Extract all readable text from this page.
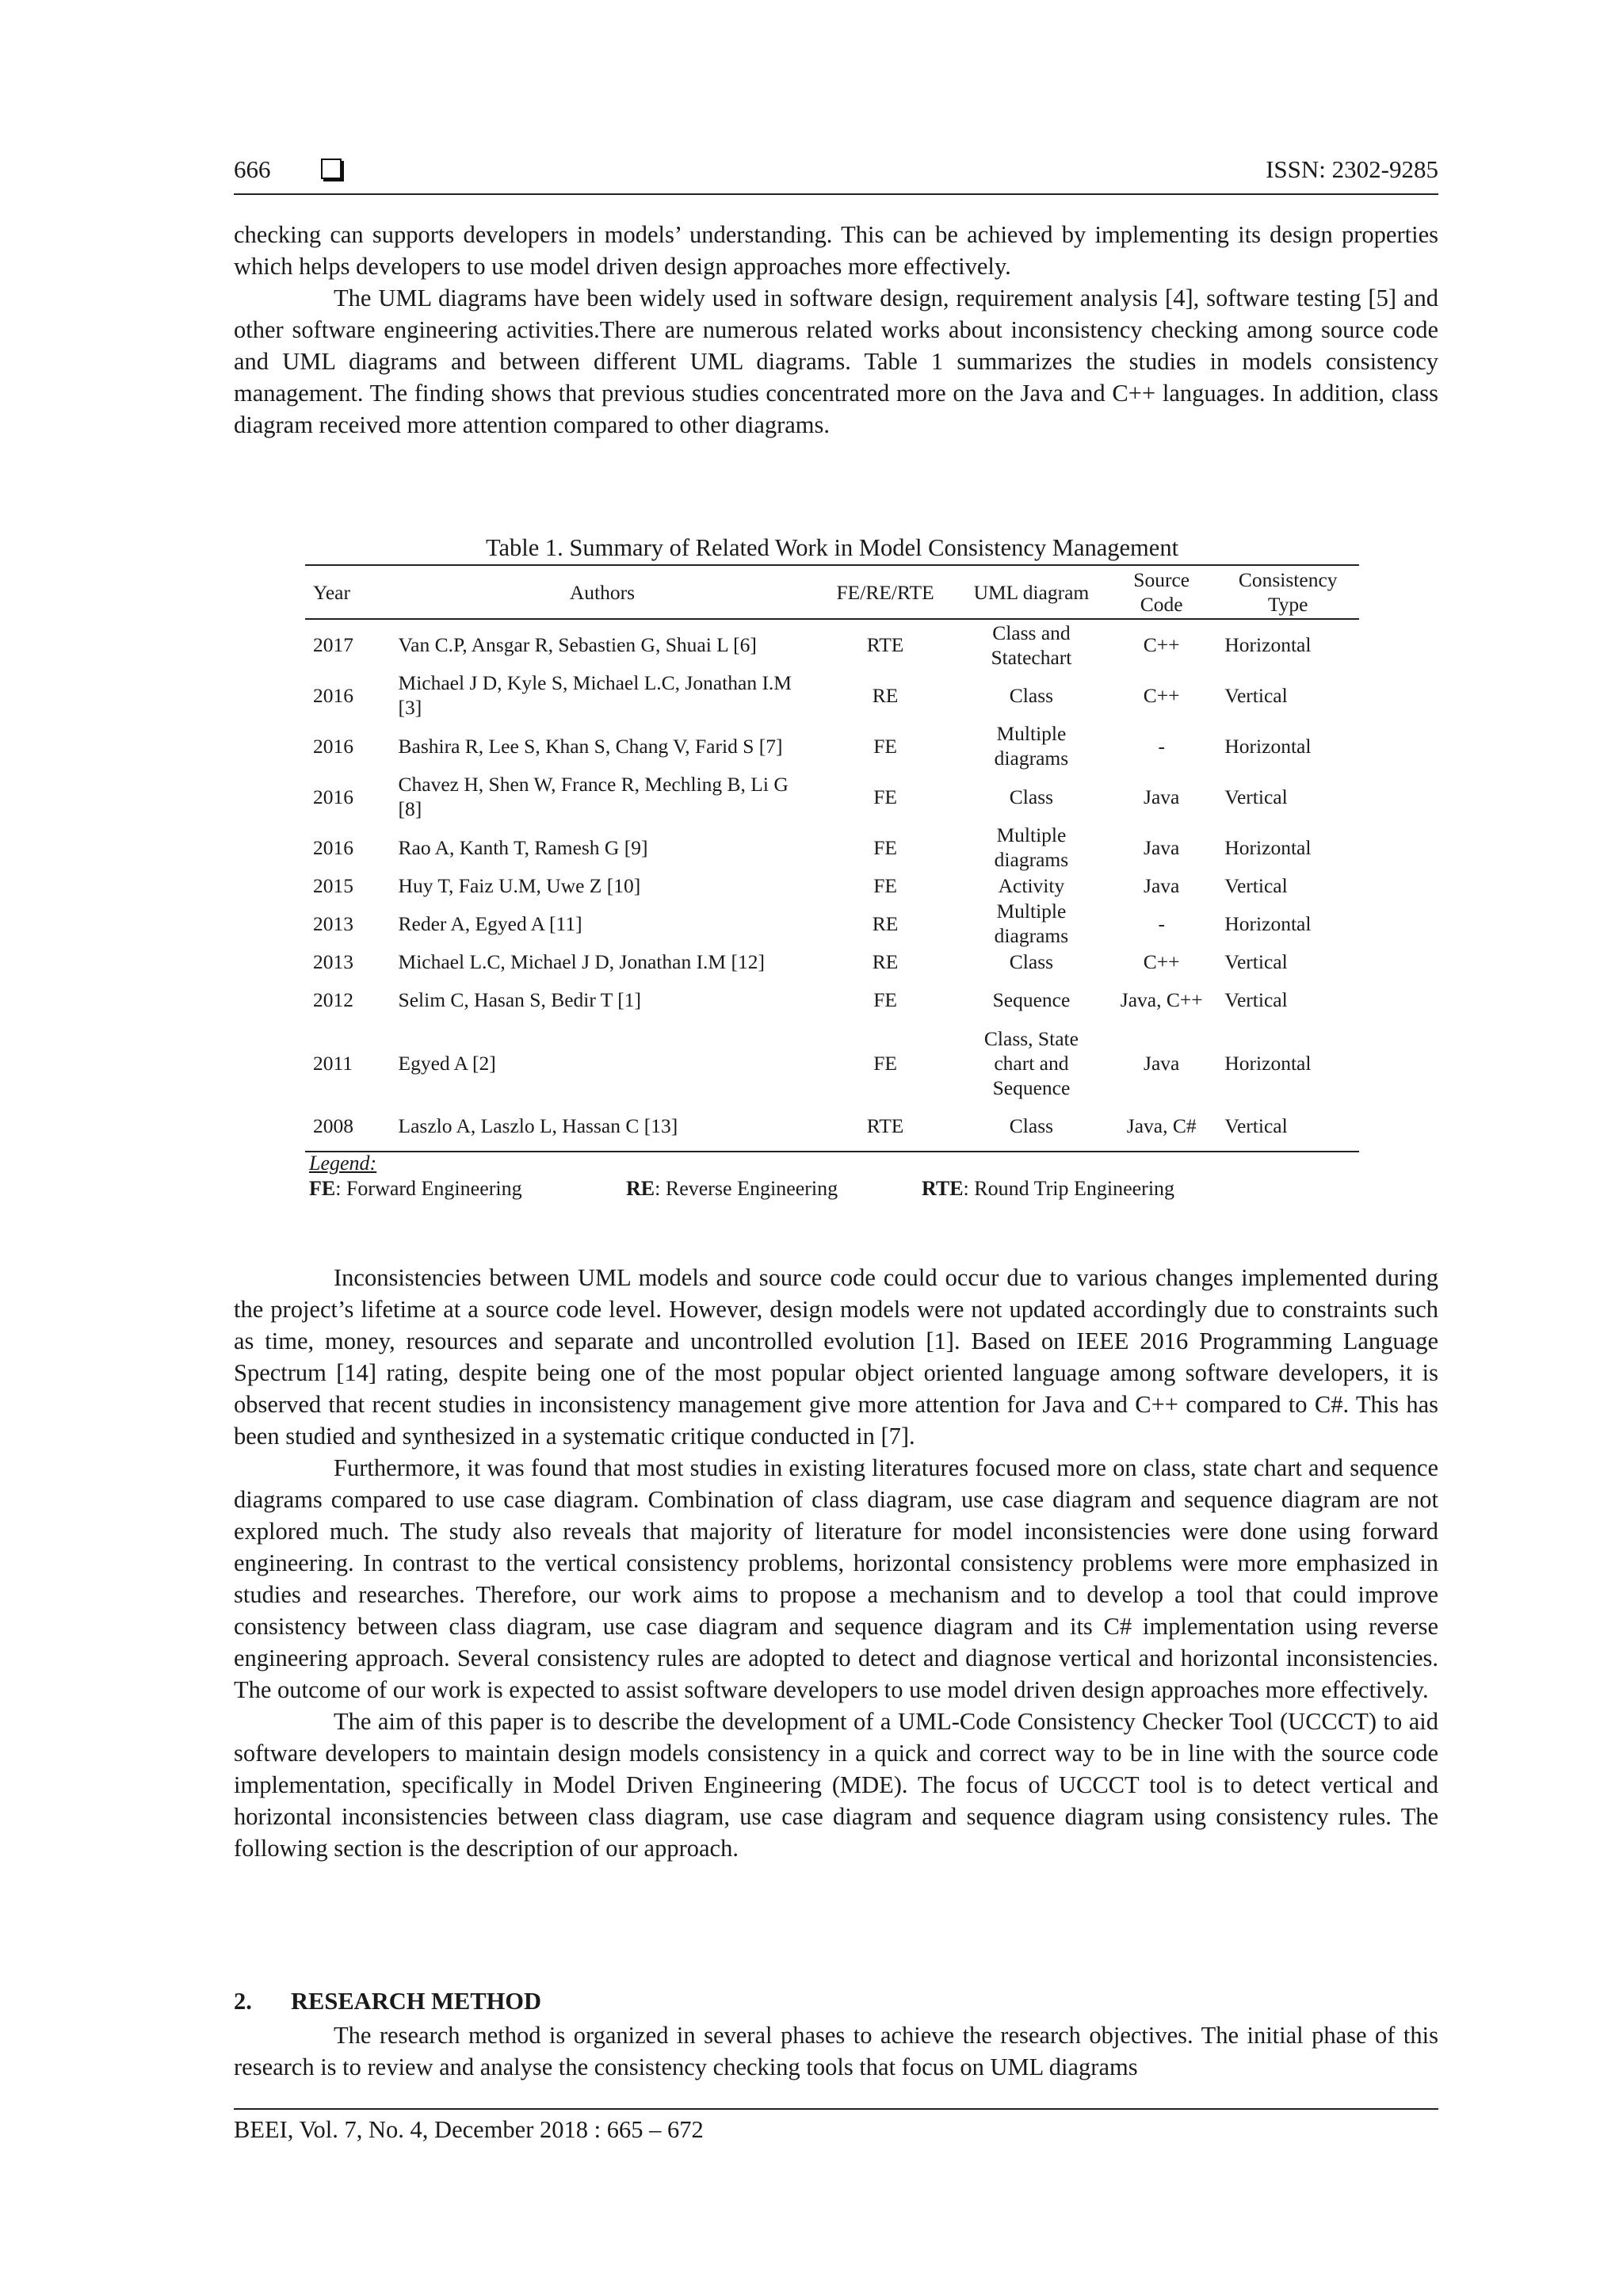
666	ISSN: 2302-9285

checking can supports developers in models’ understanding. This can be achieved by implementing its design properties which helps developers to use model driven design approaches more effectively.

The UML diagrams have been widely used in software design, requirement analysis [4], software testing [5] and other software engineering activities.There are numerous related works about inconsistency checking among source code and UML diagrams and between different UML diagrams. Table 1 summarizes the studies in models consistency management. The finding shows that previous studies concentrated more on the Java and C++ languages. In addition, class diagram received more attention compared to other diagrams.

Table 1. Summary of Related Work in Model Consistency Management
Year	Authors	FE/RE/RTE	UML diagram	Source Code	Consistency Type
2017	Van C.P, Ansgar R, Sebastien G, Shuai L [6]	RTE	Class and Statechart	C++	Horizontal
2016	Michael J D, Kyle S, Michael L.C, Jonathan I.M [3]	RE	Class	C++	Vertical
2016	Bashira R, Lee S, Khan S, Chang V, Farid S [7]	FE	Multiple diagrams	-	Horizontal
2016	Chavez H, Shen W, France R, Mechling B, Li G [8]	FE	Class	Java	Vertical
2016	Rao A, Kanth T, Ramesh G [9]	FE	Multiple diagrams	Java	Horizontal
2015	Huy T, Faiz U.M, Uwe Z [10]	FE	Activity	Java	Vertical
2013	Reder A, Egyed A [11]	RE	Multiple diagrams	-	Horizontal
2013	Michael L.C, Michael J D, Jonathan I.M [12]	RE	Class	C++	Vertical
2012	Selim C, Hasan S, Bedir T [1]	FE	Sequence	Java, C++	Vertical
2011	Egyed A [2]	FE	Class, State chart and Sequence	Java	Horizontal
2008	Laszlo A, Laszlo L, Hassan C [13]	RTE	Class	Java, C#	Vertical
Legend:
FE: Forward Engineering	RE: Reverse Engineering	RTE: Round Trip Engineering

Inconsistencies between UML models and source code could occur due to various changes implemented during the project’s lifetime at a source code level. However, design models were not updated accordingly due to constraints such as time, money, resources and separate and uncontrolled evolution [1]. Based on IEEE 2016 Programming Language Spectrum [14] rating, despite being one of the most popular object oriented language among software developers, it is observed that recent studies in inconsistency management give more attention for Java and C++ compared to C#. This has been studied and synthesized in a systematic critique conducted in [7].

Furthermore, it was found that most studies in existing literatures focused more on class, state chart and sequence diagrams compared to use case diagram. Combination of class diagram, use case diagram and sequence diagram are not explored much. The study also reveals that majority of literature for model inconsistencies were done using forward engineering. In contrast to the vertical consistency problems, horizontal consistency problems were more emphasized in studies and researches. Therefore, our work aims to propose a mechanism and to develop a tool that could improve consistency between class diagram, use case diagram and sequence diagram and its C# implementation using reverse engineering approach. Several consistency rules are adopted to detect and diagnose vertical and horizontal inconsistencies. The outcome of our work is expected to assist software developers to use model driven design approaches more effectively.

The aim of this paper is to describe the development of a UML-Code Consistency Checker Tool (UCCCT) to aid software developers to maintain design models consistency in a quick and correct way to be in line with the source code implementation, specifically in Model Driven Engineering (MDE). The focus of UCCCT tool is to detect vertical and horizontal inconsistencies between class diagram, use case diagram and sequence diagram using consistency rules. The following section is the description of our approach.

2. RESEARCH METHOD

The research method is organized in several phases to achieve the research objectives. The initial phase of this research is to review and analyse the consistency checking tools that focus on UML diagrams

BEEI, Vol. 7, No. 4, December 2018 : 665 – 672
